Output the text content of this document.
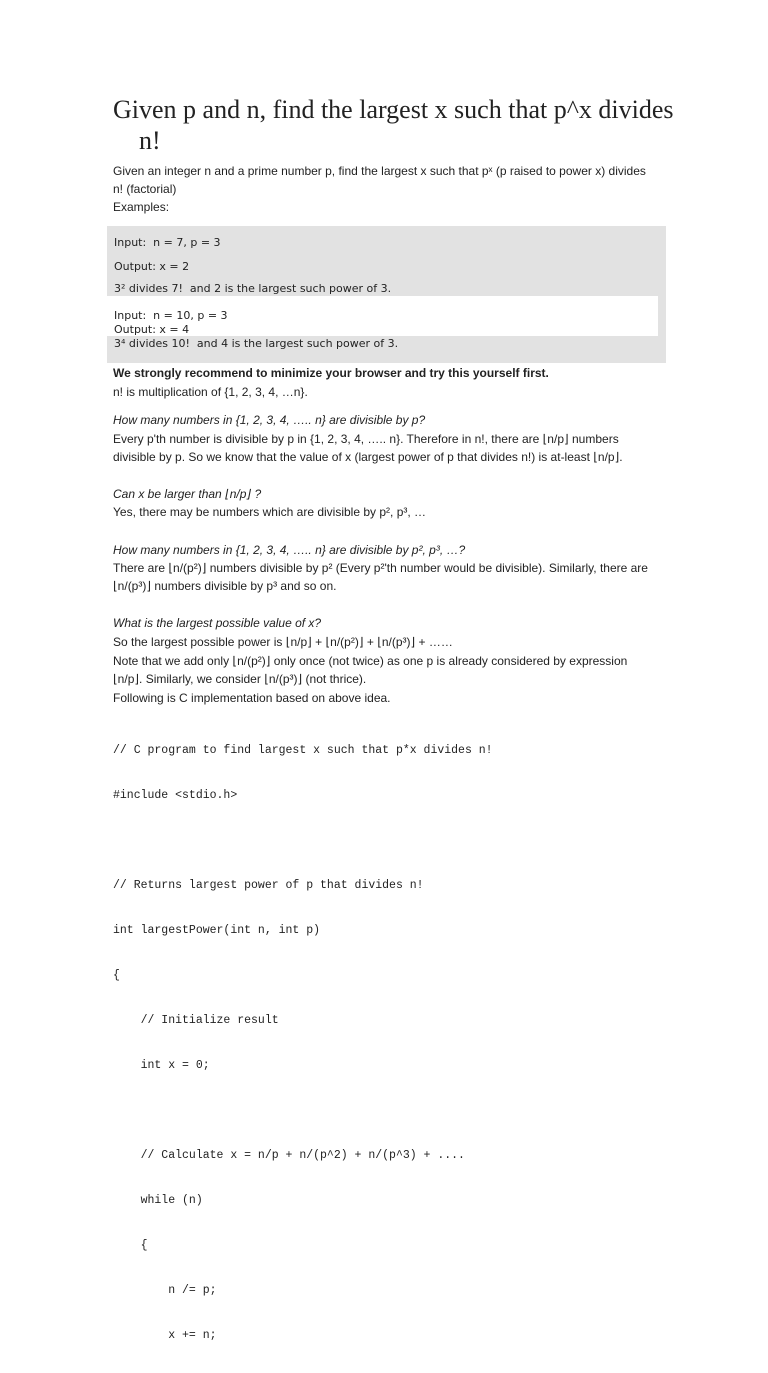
Given p and n, find the largest x such that p^x divides n!

Given an integer n and a prime number p, find the largest x such that pˣ (p raised to power x) divides n! (factorial)

Examples:

Input:  n = 7, p = 3
Output: x = 2
3² divides 7!  and 2 is the largest such power of 3.
Input:  n = 10, p = 3
Output: x = 4
3⁴ divides 10!  and 4 is the largest such power of 3.

We strongly recommend to minimize your browser and try this yourself first.

n! is multiplication of {1, 2, 3, 4, …n}.

How many numbers in {1, 2, 3, 4, ….. n} are divisible by p?

Every p'th number is divisible by p in {1, 2, 3, 4, ….. n}. Therefore in n!, there are ⌊n/p⌋ numbers divisible by p. So we know that the value of x (largest power of p that divides n!) is at-least ⌊n/p⌋.

Can x be larger than ⌊n/p⌋ ?

Yes, there may be numbers which are divisible by p², p³, …

How many numbers in {1, 2, 3, 4, ….. n} are divisible by p², p³, …?

There are ⌊n/(p²)⌋ numbers divisible by p² (Every p²'th number would be divisible). Similarly, there are ⌊n/(p³)⌋ numbers divisible by p³ and so on.

What is the largest possible value of x?

So the largest possible power is ⌊n/p⌋ + ⌊n/(p²)⌋ + ⌊n/(p³)⌋ + ……

Note that we add only ⌊n/(p²)⌋ only once (not twice) as one p is already considered by expression ⌊n/p⌋. Similarly, we consider ⌊n/(p³)⌋ (not thrice).

Following is C implementation based on above idea.

// C program to find largest x such that p*x divides n!

#include <stdio.h>

// Returns largest power of p that divides n!

int largestPower(int n, int p)

{

// Initialize result

int x = 0;

// Calculate x = n/p + n/(p^2) + n/(p^3) + ....

while (n)

{

n /= p;

x += n;
